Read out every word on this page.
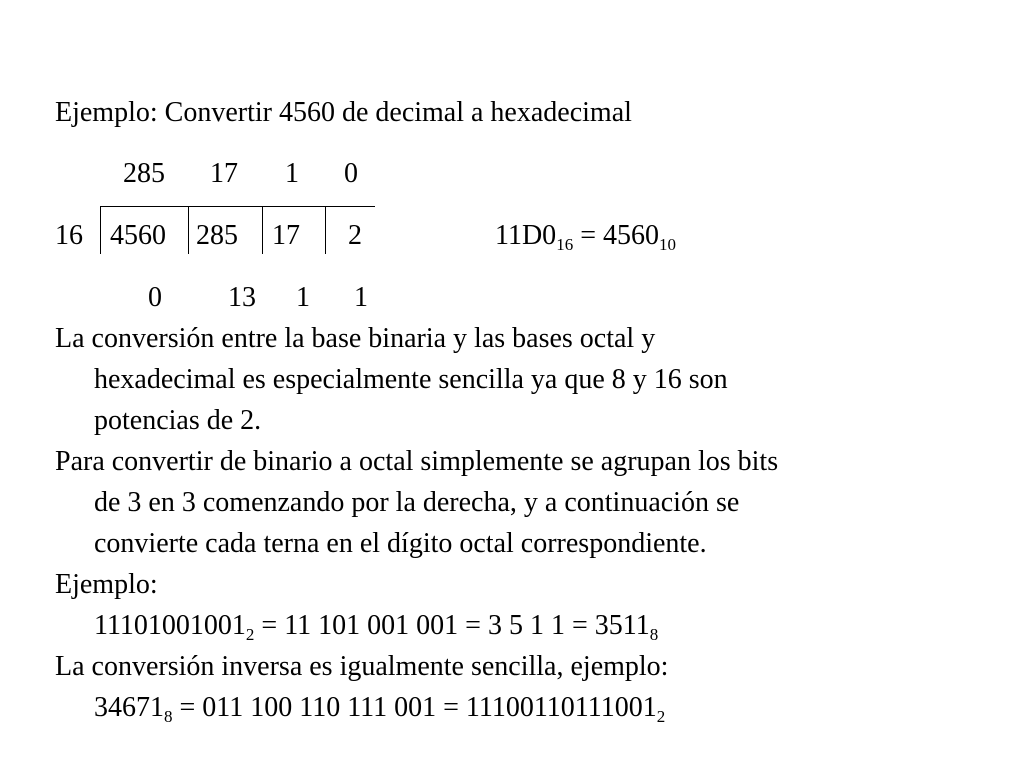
Ejemplo: Convertir 4560 de decimal a hexadecimal
285 17 1 0
16 4560 285 17 2	$11D0_{16} = 4560_{10}$
0 13 1 1
La conversión entre la base binaria y las bases octal y
hexadecimal es especialmente sencilla ya que 8 y 16 son
potencias de 2.
Para convertir de binario a octal simplemente se agrupan los bits
de 3 en 3 comenzando por la derecha, y a continuación se
convierte cada terna en el dígito octal correspondiente.
Ejemplo:
$11101001001_2 = 11$ 101 001 001 = 3 5 1 $1 = 3511_8$
La conversión inversa es igualmente sencilla, ejemplo:
$34671_8 = 011$ 100 110 111 $001 = 11100110111001_2$
